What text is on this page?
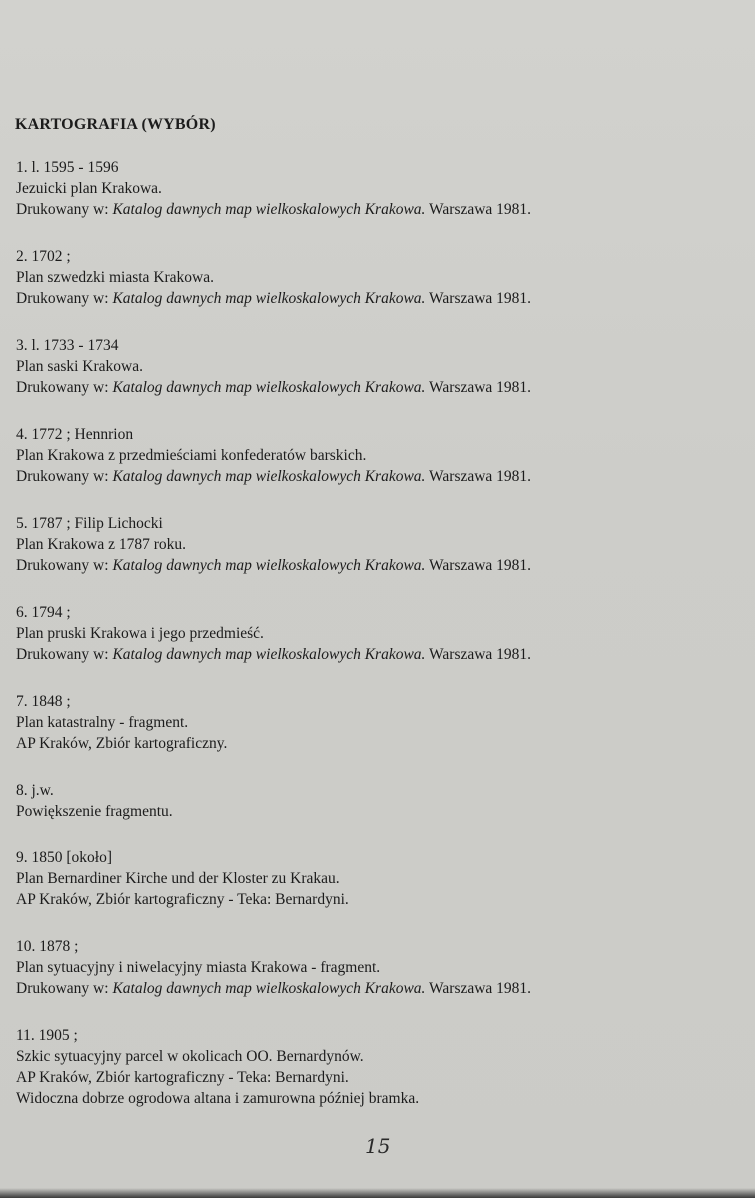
KARTOGRAFIA (WYBÓR)
1. l. 1595 - 1596
Jezuicki plan Krakowa.
Drukowany w: Katalog dawnych map wielkoskalowych Krakowa. Warszawa 1981.
2. 1702 ;
Plan szwedzki miasta Krakowa.
Drukowany w: Katalog dawnych map wielkoskalowych Krakowa. Warszawa 1981.
3. l. 1733 - 1734
Plan saski Krakowa.
Drukowany w: Katalog dawnych map wielkoskalowych Krakowa. Warszawa 1981.
4. 1772 ; Hennrion
Plan Krakowa z przedmieściami konfederatów barskich.
Drukowany w: Katalog dawnych map wielkoskalowych Krakowa. Warszawa 1981.
5. 1787 ; Filip Lichocki
Plan Krakowa z 1787 roku.
Drukowany w: Katalog dawnych map wielkoskalowych Krakowa. Warszawa 1981.
6. 1794 ;
Plan pruski Krakowa i jego przedmieść.
Drukowany w: Katalog dawnych map wielkoskalowych Krakowa. Warszawa 1981.
7. 1848 ;
Plan katastralny - fragment.
AP Kraków, Zbiór kartograficzny.
8. j.w.
Powiększenie fragmentu.
9. 1850 [około]
Plan Bernardiner Kirche und der Kloster zu Krakau.
AP Kraków, Zbiór kartograficzny - Teka: Bernardyni.
10. 1878 ;
Plan sytuacyjny i niwelacyjny miasta Krakowa - fragment.
Drukowany w: Katalog dawnych map wielkoskalowych Krakowa. Warszawa 1981.
11. 1905 ;
Szkic sytuacyjny parcel w okolicach OO. Bernardynów.
AP Kraków, Zbiór kartograficzny - Teka: Bernardyni.
Widoczna dobrze ogrodowa altana i zamurowna później bramka.
15
